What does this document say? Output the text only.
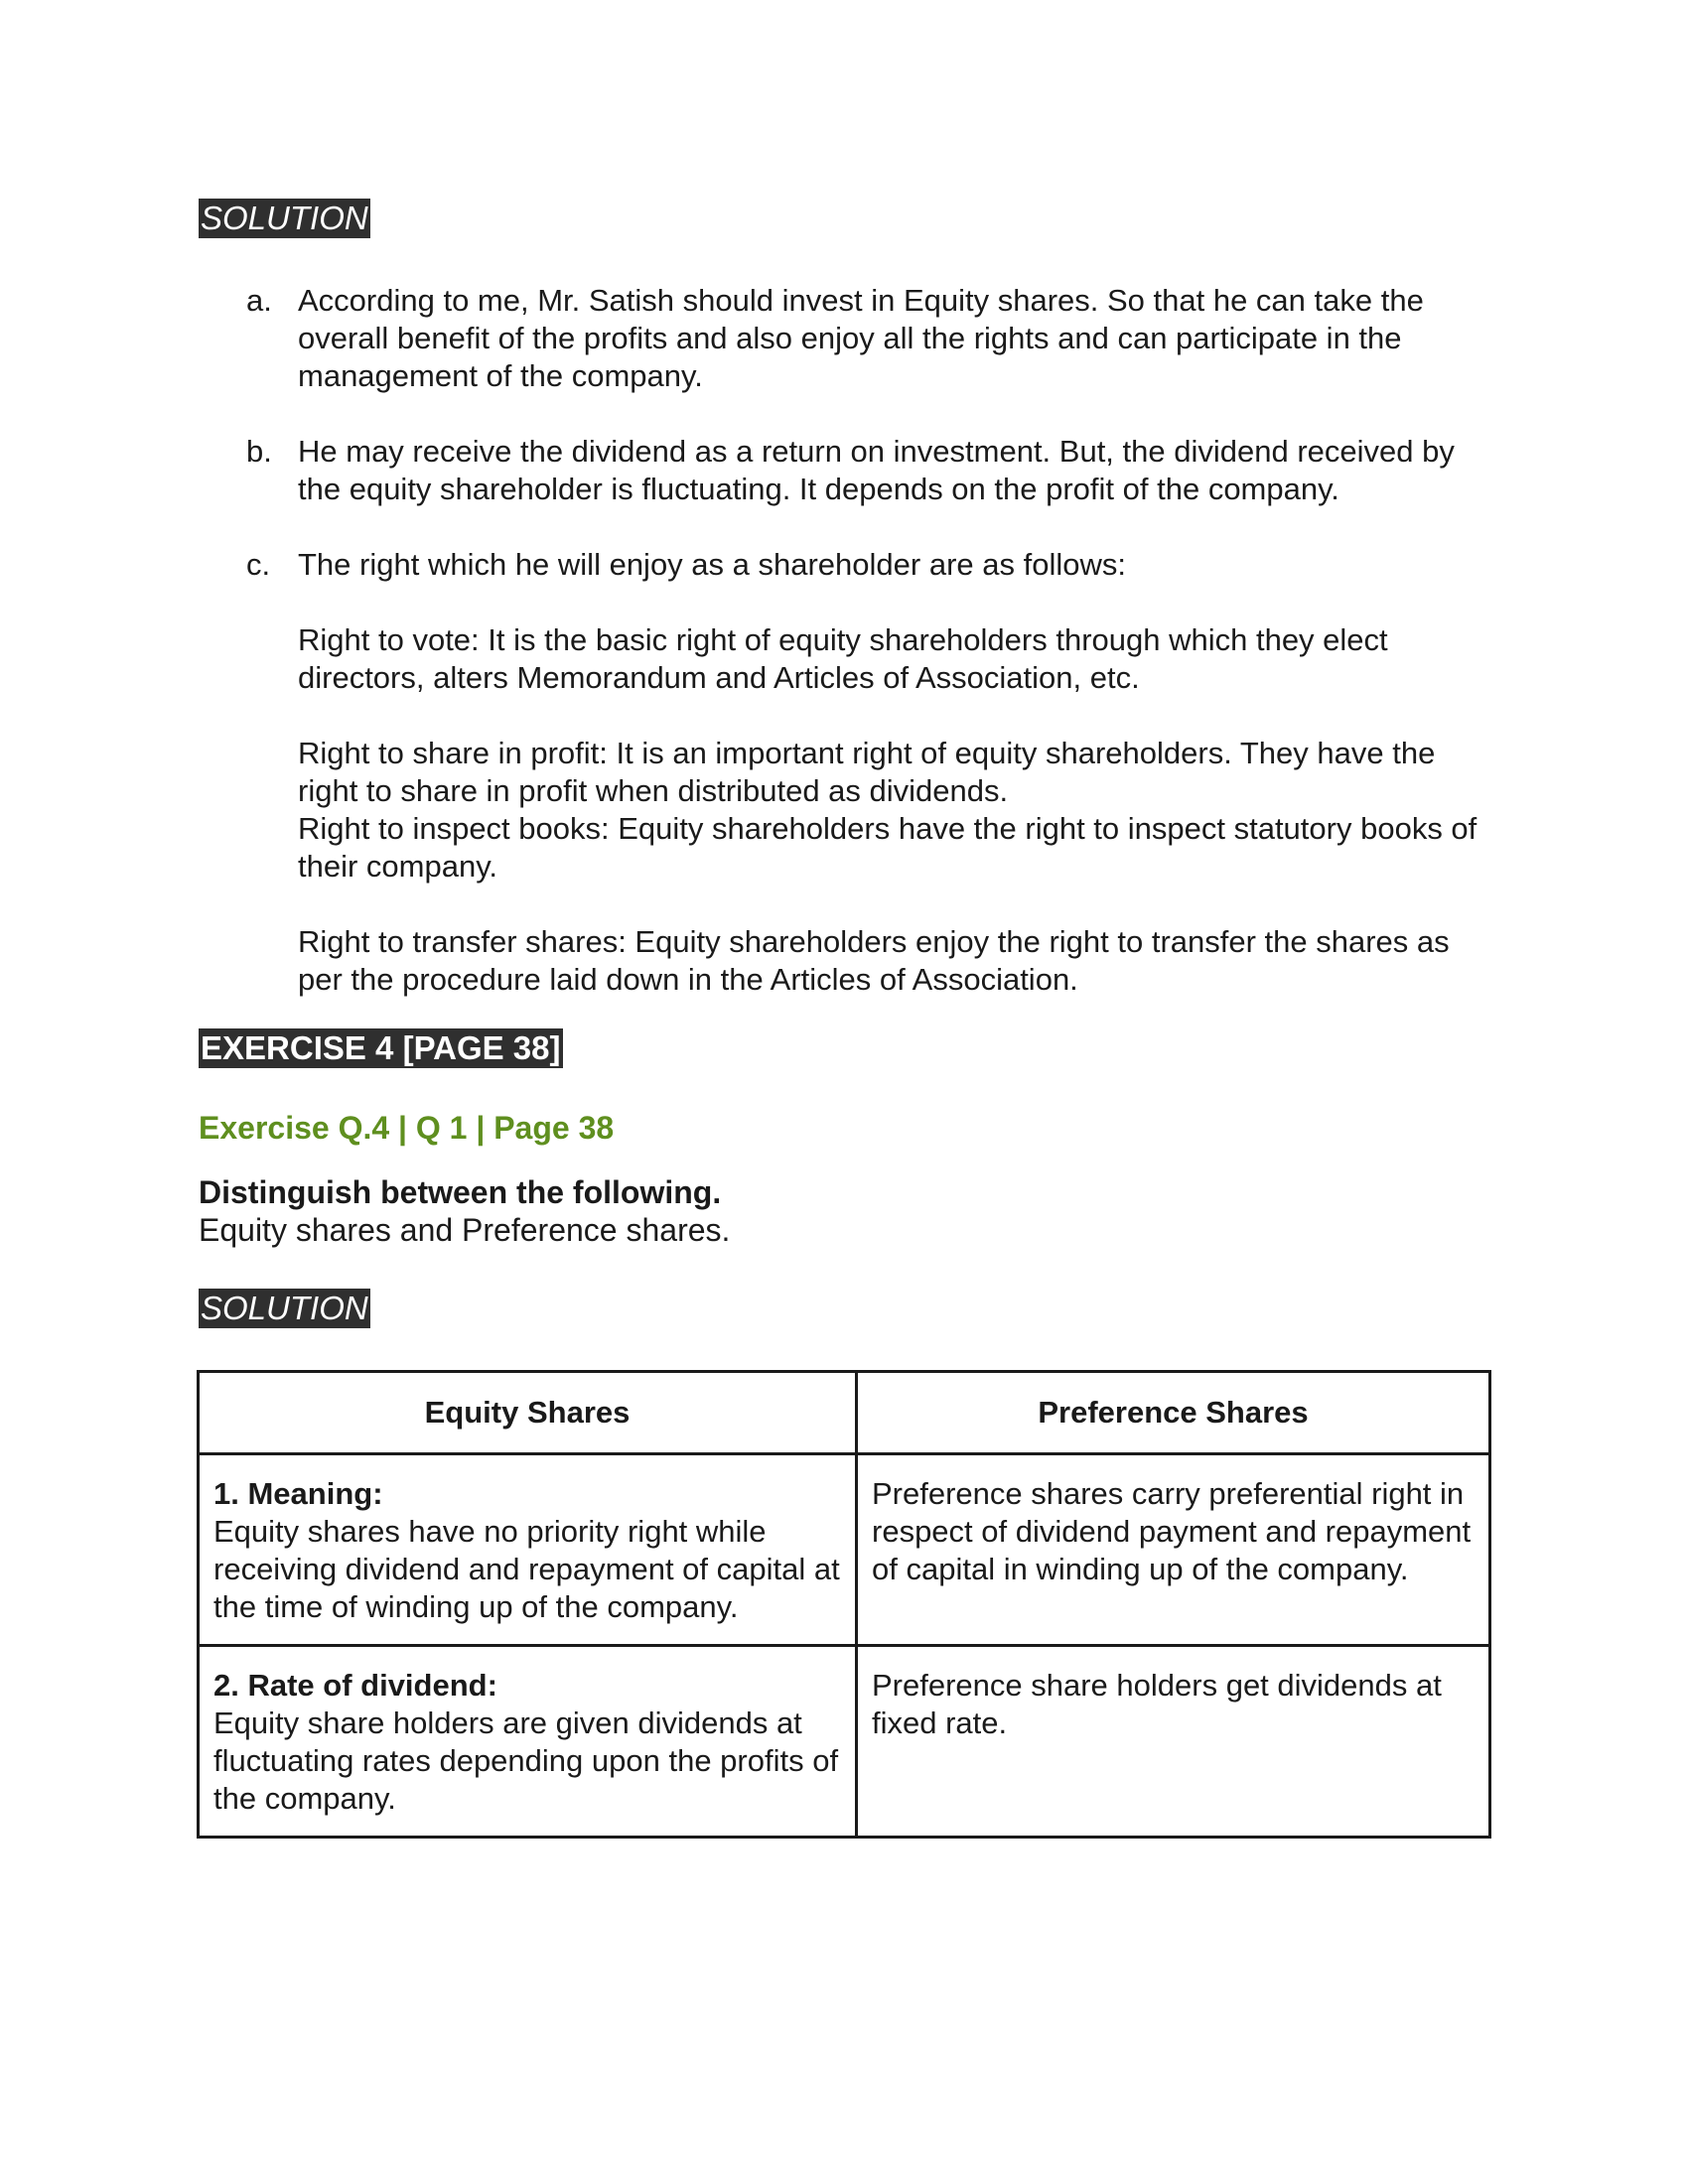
SOLUTION
a. According to me, Mr. Satish should invest in Equity shares. So that he can take the overall benefit of the profits and also enjoy all the rights and can participate in the management of the company.

b. He may receive the dividend as a return on investment. But, the dividend received by the equity shareholder is fluctuating. It depends on the profit of the company.

c. The right which he will enjoy as a shareholder are as follows:

Right to vote: It is the basic right of equity shareholders through which they elect directors, alters Memorandum and Articles of Association, etc.

Right to share in profit: It is an important right of equity shareholders. They have the right to share in profit when distributed as dividends.

Right to inspect books: Equity shareholders have the right to inspect statutory books of their company.

Right to transfer shares: Equity shareholders enjoy the right to transfer the shares as per the procedure laid down in the Articles of Association.

EXERCISE 4 [PAGE 38]

Exercise Q.4 | Q 1 | Page 38

Distinguish between the following.
Equity shares and Preference shares.

SOLUTION
Equity Shares	Preference Shares

1. Meaning:
Equity shares have no priority right while receiving dividend and repayment of capital at the time of winding up of the company.	Preference shares carry preferential right in respect of dividend payment and repayment of capital in winding up of the company.

2. Rate of dividend:
Equity share holders are given dividends at fluctuating rates depending upon the profits of the company.	Preference share holders get dividends at fixed rate.
